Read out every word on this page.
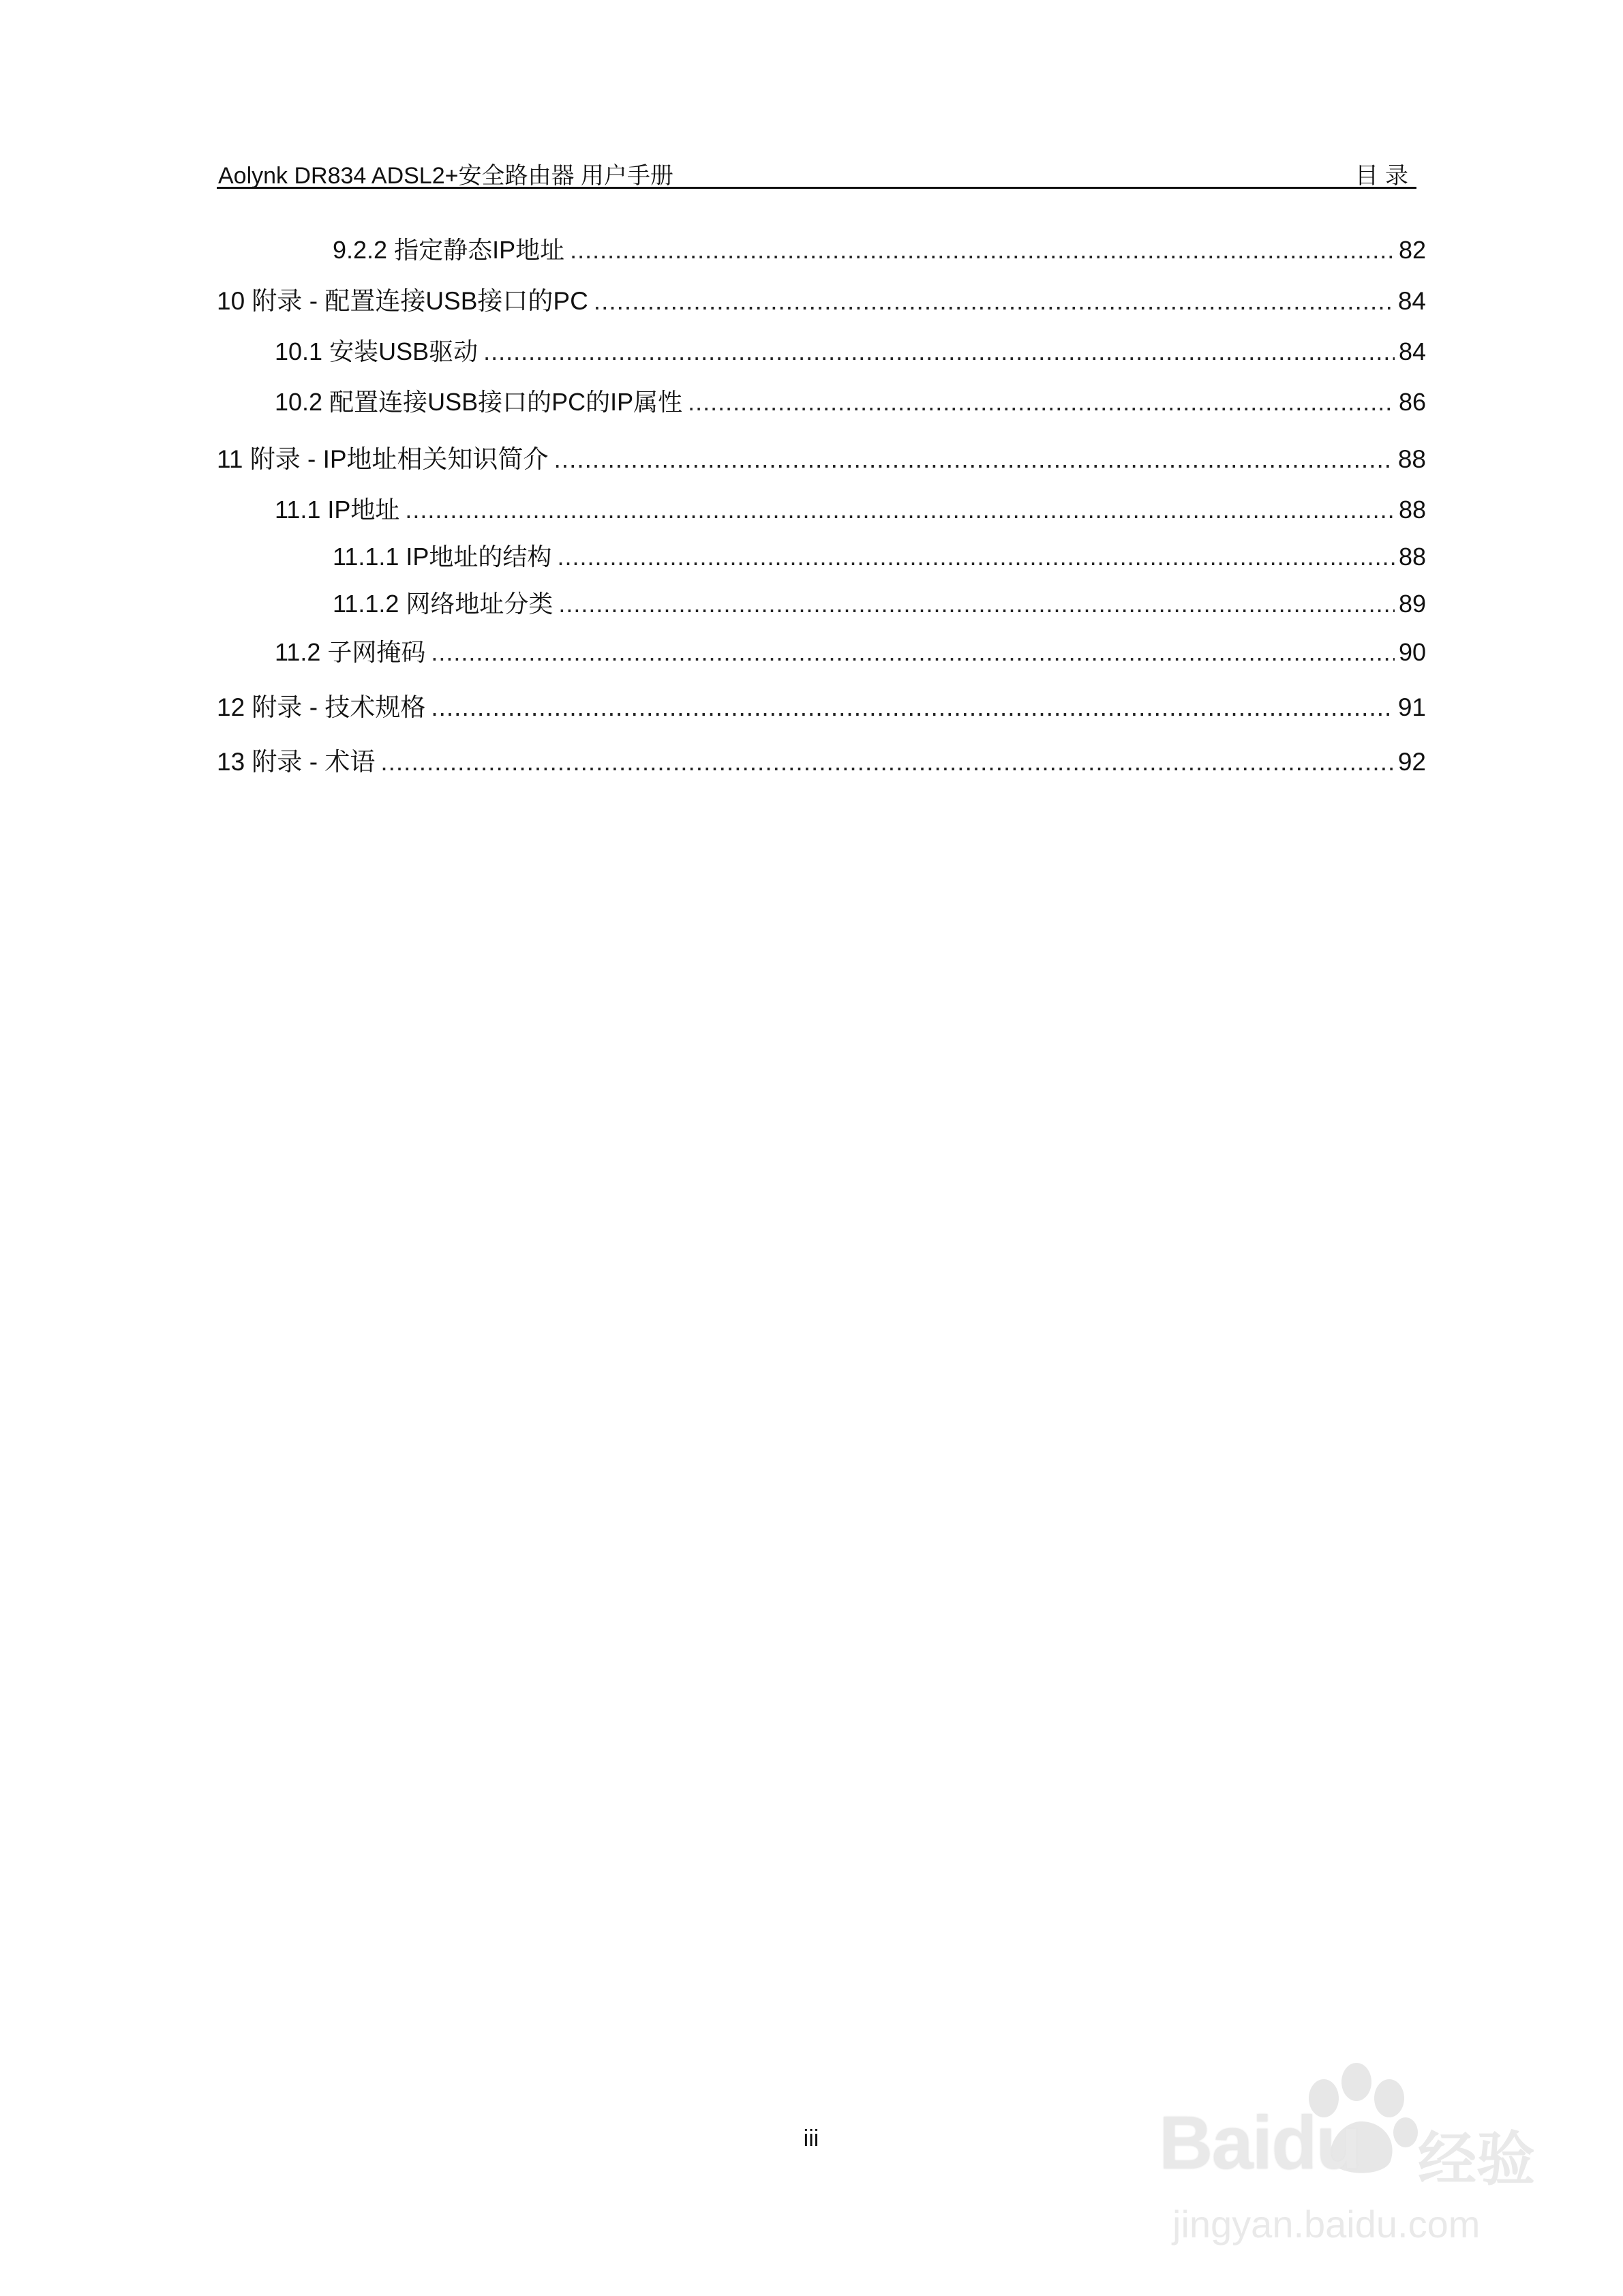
Aolynk DR834 ADSL2+安全路由器 用户手册	目录
9.2.2 指定静态IP地址 .....	82
10 附录 - 配置连接USB接口的PC .....	84
10.1 安装USB驱动 .....	84
10.2 配置连接USB接口的PC的IP属性 .....	86
11 附录 - IP地址相关知识简介 .....	88
11.1 IP地址 .....	88
11.1.1 IP地址的结构 .....	88
11.1.2 网络地址分类 .....	89
11.2 子网掩码 .....	90
12 附录 - 技术规格 .....	91
13 附录 - 术语 .....	92
iii	Baidu 经验
jingyan.baidu.com
